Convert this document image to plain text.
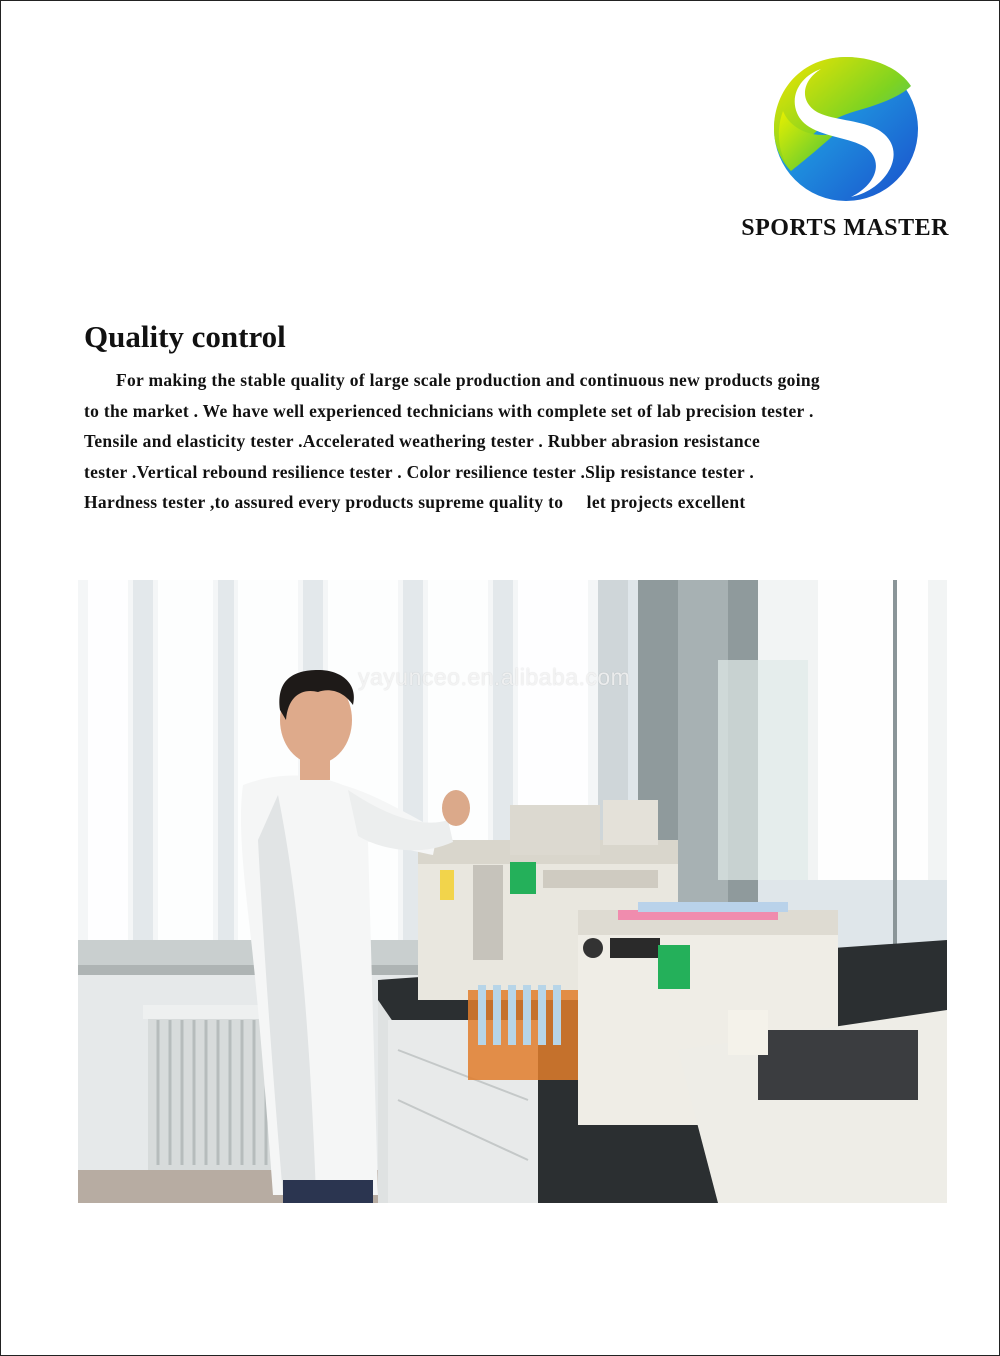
SPORTS MASTER
Quality control

For making the stable quality of large scale production and continuous new products going
to the market . We have well experienced technicians with complete set of lab precision tester .
Tensile and elasticity tester .Accelerated weathering tester . Rubber abrasion resistance
tester .Vertical rebound resilience tester . Color resilience tester .Slip resistance tester .
Hardness tester ,to assured every products supreme quality to     let projects excellent

yayunceo.en.alibaba.com
